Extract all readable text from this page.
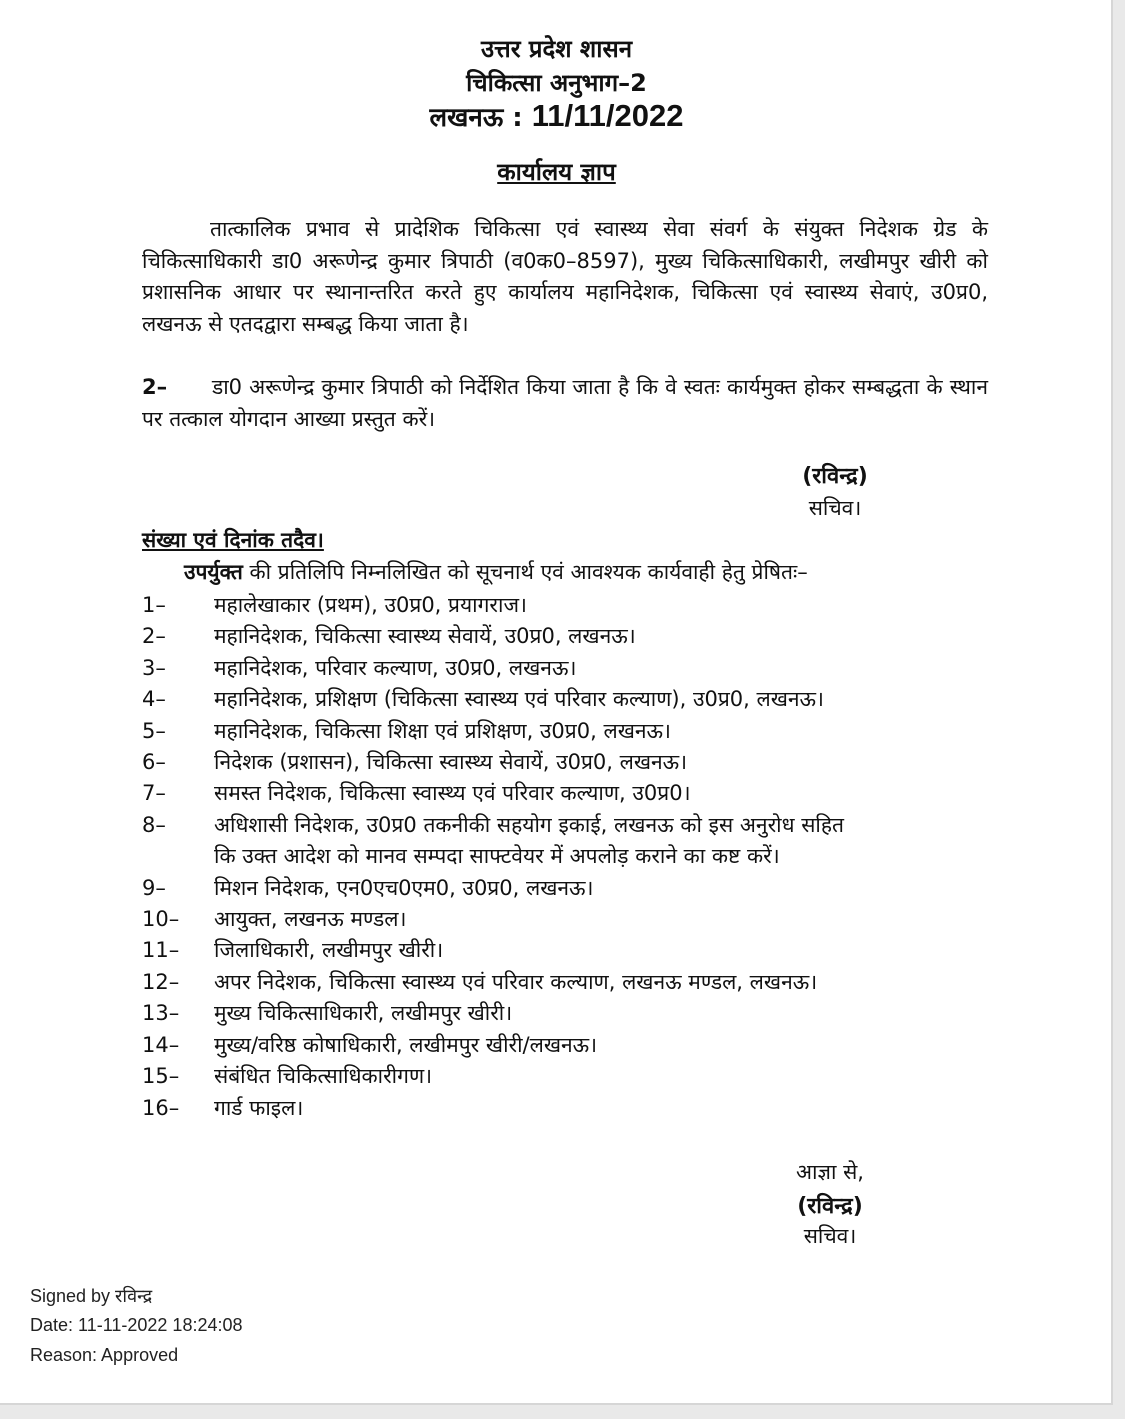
उत्तर प्रदेश शासन
चिकित्सा अनुभाग–2
लखनऊ : 11/11/2022
कार्यालय ज्ञाप
तात्कालिक प्रभाव से प्रादेशिक चिकित्सा एवं स्वास्थ्य सेवा संवर्ग के संयुक्त निदेशक ग्रेड के चिकित्साधिकारी डा0 अरूणेन्द्र कुमार त्रिपाठी (व0क0–8597), मुख्य चिकित्साधिकारी, लखीमपुर खीरी को प्रशासनिक आधार पर स्थानान्तरित करते हुए कार्यालय महानिदेशक, चिकित्सा एवं स्वास्थ्य सेवाएं, उ0प्र0, लखनऊ से एतदद्वारा सम्बद्ध किया जाता है।
2– डा0 अरूणेन्द्र कुमार त्रिपाठी को निर्देशित किया जाता है कि वे स्वतः कार्यमुक्त होकर सम्बद्धता के स्थान पर तत्काल योगदान आख्या प्रस्तुत करें।
(रविन्द्र)
सचिव।
संख्या एवं दिनांक तदैव।
उपर्युक्त की प्रतिलिपि निम्नलिखित को सूचनार्थ एवं आवश्यक कार्यवाही हेतु प्रेषितः–
1–	महालेखाकार (प्रथम), उ0प्र0, प्रयागराज।
2–	महानिदेशक, चिकित्सा स्वास्थ्य सेवायें, उ0प्र0, लखनऊ।
3–	महानिदेशक, परिवार कल्याण, उ0प्र0, लखनऊ।
4–	महानिदेशक, प्रशिक्षण (चिकित्सा स्वास्थ्य एवं परिवार कल्याण), उ0प्र0, लखनऊ।
5–	महानिदेशक, चिकित्सा शिक्षा एवं प्रशिक्षण, उ0प्र0, लखनऊ।
6–	निदेशक (प्रशासन), चिकित्सा स्वास्थ्य सेवायें, उ0प्र0, लखनऊ।
7–	समस्त निदेशक, चिकित्सा स्वास्थ्य एवं परिवार कल्याण, उ0प्र0।
8–	अधिशासी निदेशक, उ0प्र0 तकनीकी सहयोग इकाई, लखनऊ को इस अनुरोध सहित कि उक्त आदेश को मानव सम्पदा साफ्टवेयर में अपलोड़ कराने का कष्ट करें।
9–	मिशन निदेशक, एन0एच0एम0, उ0प्र0, लखनऊ।
10–	आयुक्त, लखनऊ मण्डल।
11–	जिलाधिकारी, लखीमपुर खीरी।
12–	अपर निदेशक, चिकित्सा स्वास्थ्य एवं परिवार कल्याण, लखनऊ मण्डल, लखनऊ।
13–	मुख्य चिकित्साधिकारी, लखीमपुर खीरी।
14–	मुख्य/वरिष्ठ कोषाधिकारी, लखीमपुर खीरी/लखनऊ।
15–	संबंधित चिकित्साधिकारीगण।
16–	गार्ड फाइल।
आज्ञा से,
(रविन्द्र)
सचिव।
Signed by रविन्द्र
Date: 11-11-2022 18:24:08
Reason: Approved
